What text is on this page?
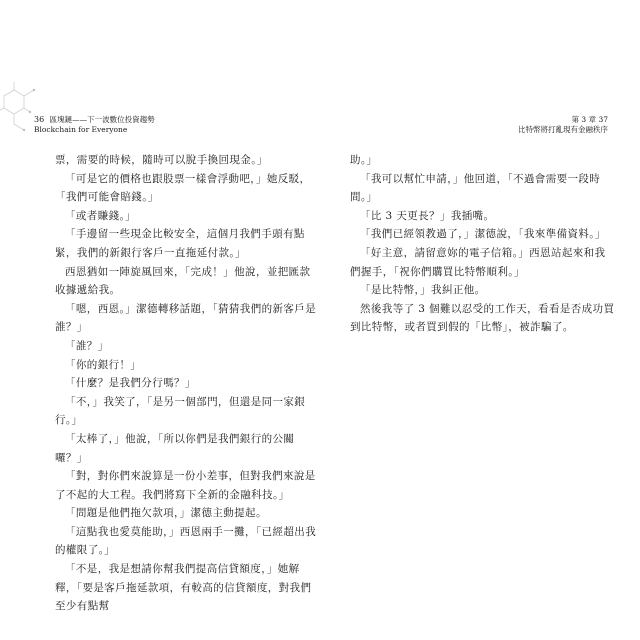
36 區塊鏈——下一波數位投資趨勢
Blockchain for Everyone
第 3 章 37
比特幣將打亂現有金融秩序

票，需要的時候，隨時可以脫手換回現金。」

「可是它的價格也跟股票一樣會浮動吧，」她反駁，「我們可能會賠錢。」

「或者賺錢。」

「手邊留一些現金比較安全，這個月我們手頭有點緊，我們的新銀行客戶一直拖延付款。」

西恩猶如一陣旋風回來，「完成！」他說，並把匯款收據遞給我。

「嗯，西恩。」潔德轉移話題，「猜猜我們的新客戶是誰？」

「誰？」

「你的銀行！」

「什麼？是我們分行嗎？」

「不，」我笑了，「是另一個部門，但還是同一家銀行。」

「太棒了，」他說，「所以你們是我們銀行的公關囉？」

「對，對你們來說算是一份小差事，但對我們來說是了不起的大工程。我們將寫下全新的金融科技。」

「問題是他們拖欠款項，」潔德主動提起。

「這點我也愛莫能助，」西恩兩手一攤，「已經超出我的權限了。」

「不是，我是想請你幫我們提高信貸額度，」她解釋，「要是客戶拖延款項，有較高的信貸額度，對我們至少有點幫

助。」

「我可以幫忙申請，」他回道，「不過會需要一段時間。」

「比 3 天更長？」我插嘴。

「我們已經領教過了，」潔德說，「我來準備資料。」

「好主意，請留意妳的電子信箱。」西恩站起來和我們握手，「祝你們購買比特幣順利。」

「是比特幣，」我糾正他。

然後我等了 3 個難以忍受的工作天，看看是否成功買到比特幣，或者買到假的「比幣」，被詐騙了。
